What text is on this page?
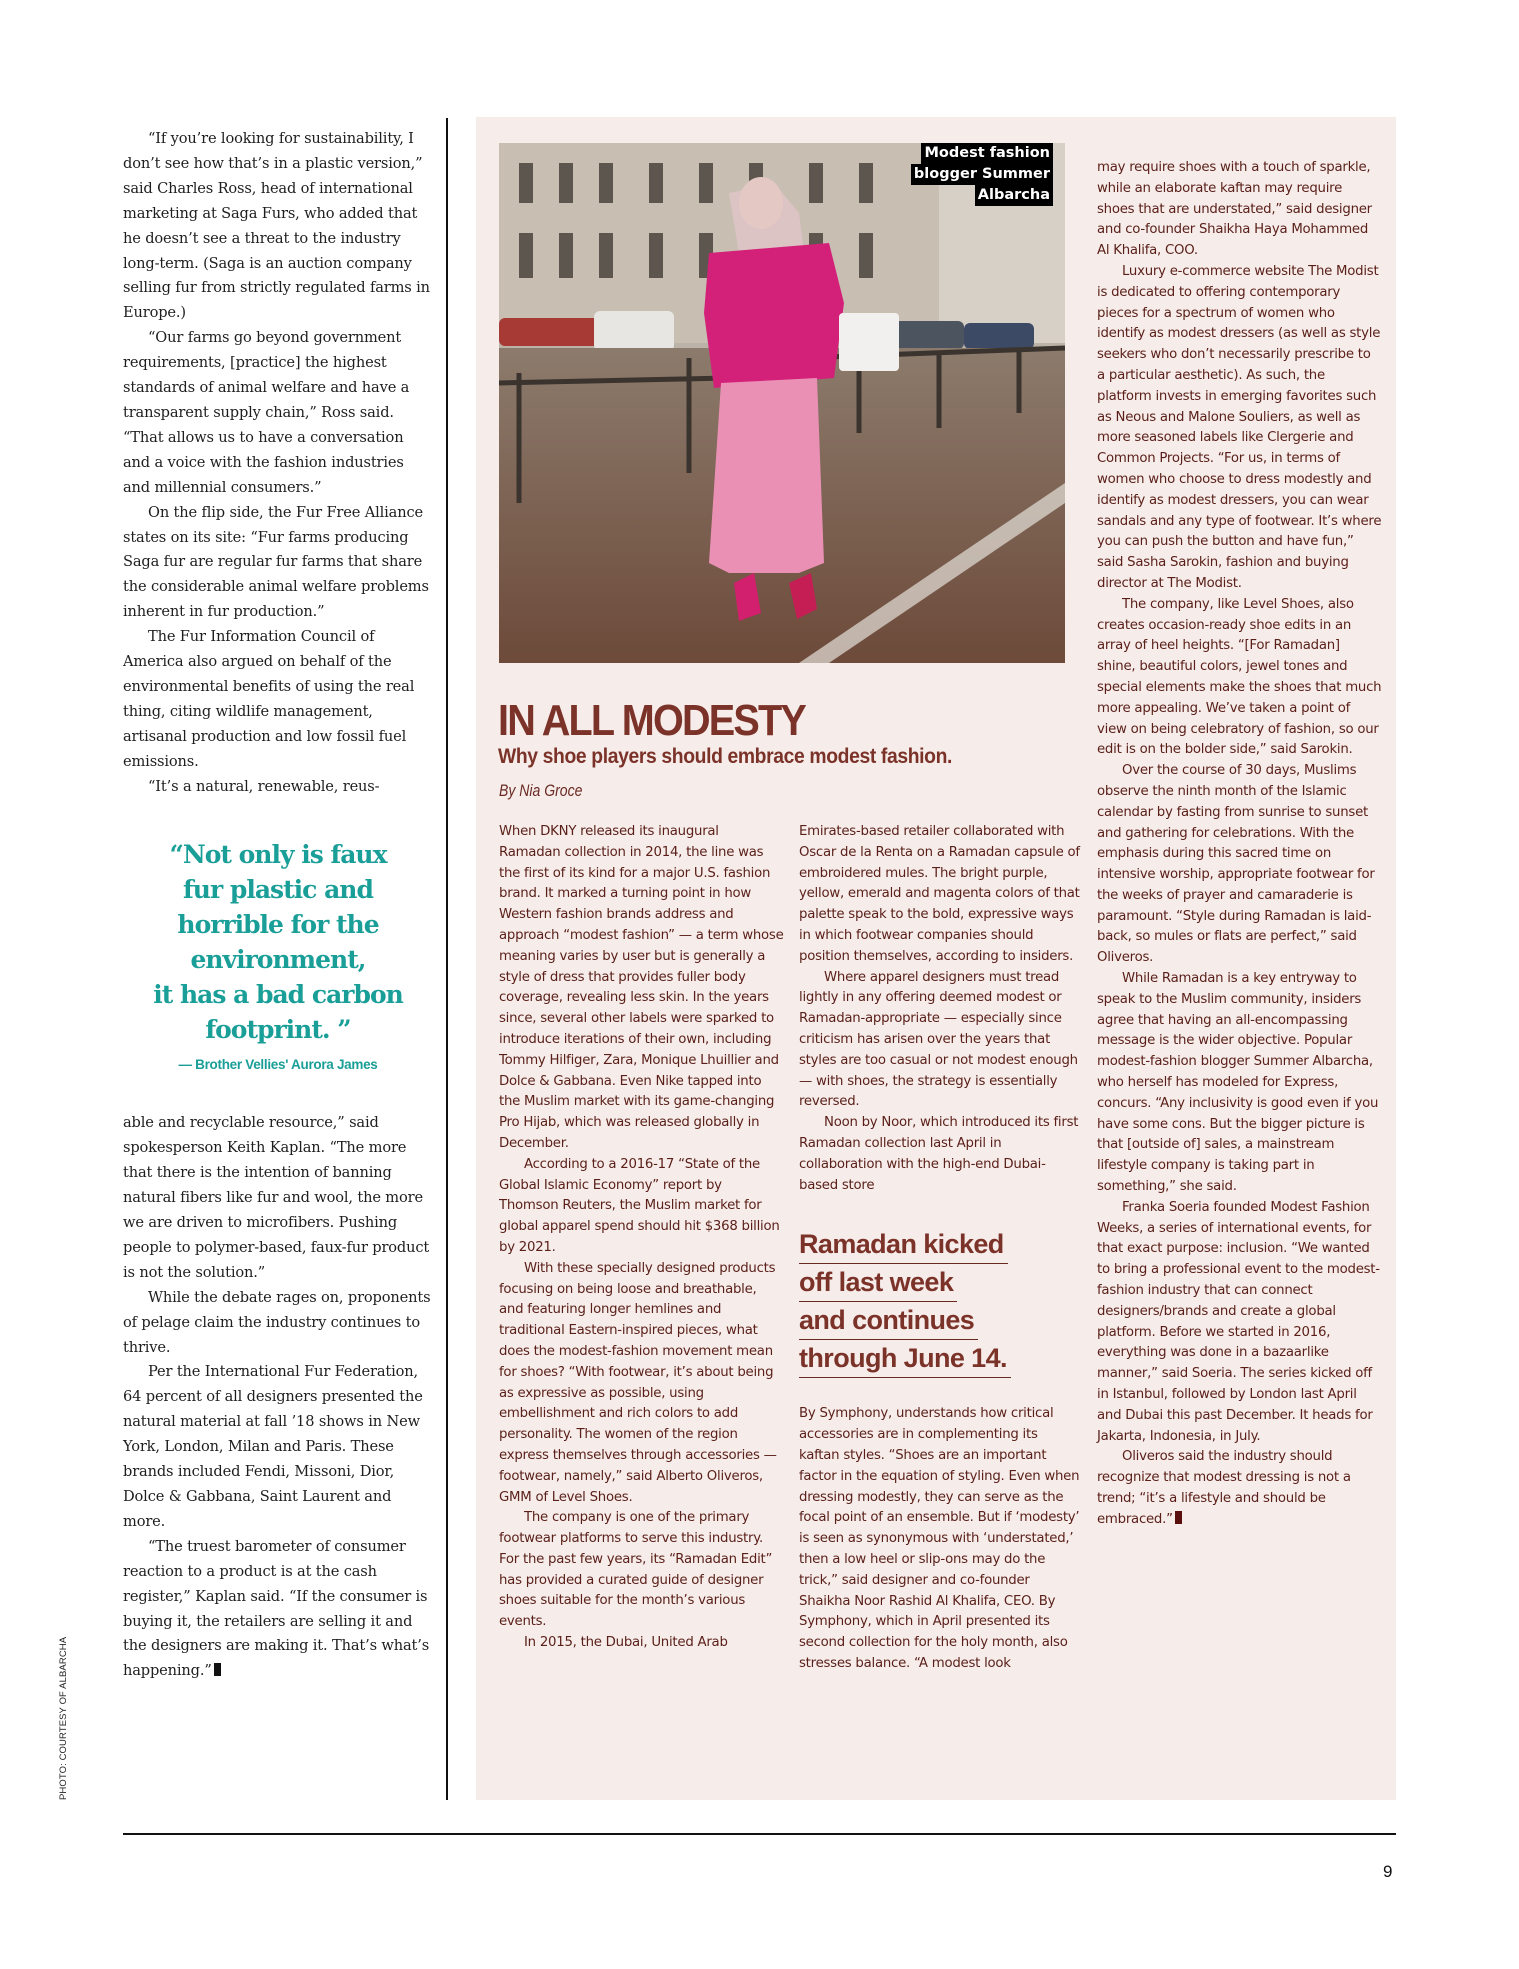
“If you’re looking for sustainability, I don’t see how that’s in a plastic version,” said Charles Ross, head of international marketing at Saga Furs, who added that he doesn’t see a threat to the industry long-term. (Saga is an auction company selling fur from strictly regulated farms in Europe.)

“Our farms go beyond government requirements, [practice] the highest standards of animal welfare and have a transparent supply chain,” Ross said. “That allows us to have a conversation and a voice with the fashion industries and millennial consumers.”

On the flip side, the Fur Free Alliance states on its site: “Fur farms producing Saga fur are regular fur farms that share the considerable animal welfare problems inherent in fur production.”

The Fur Information Council of America also argued on behalf of the environmental benefits of using the real thing, citing wildlife management, artisanal production and low fossil fuel emissions.

“It’s a natural, renewable, reus-

“Not only is faux
fur plastic and
horrible for the
environment,
it has a bad carbon
footprint. ”
— Brother Vellies' Aurora James

able and recyclable resource,” said spokesperson Keith Kaplan. “The more that there is the intention of banning natural fibers like fur and wool, the more we are driven to microfibers. Pushing people to polymer-based, faux-fur product is not the solution.”

While the debate rages on, proponents of pelage claim the industry continues to thrive.

Per the International Fur Federation, 64 percent of all designers presented the natural material at fall ’18 shows in New York, London, Milan and Paris. These brands included Fendi, Missoni, Dior, Dolce & Gabbana, Saint Laurent and more.

“The truest barometer of consumer reaction to a product is at the cash register,” Kaplan said. “If the consumer is buying it, the retailers are selling it and the designers are making it. That’s what’s happening.”

PHOTO: COURTESY OF ALBARCHA
Modest fashion
blogger Summer
Albarcha
IN ALL MODESTY
Why shoe players should embrace modest fashion.
By Nia Groce

When DKNY released its inaugural Ramadan collection in 2014, the line was the first of its kind for a major U.S. fashion brand. It marked a turning point in how Western fashion brands address and approach “modest fashion” — a term whose meaning varies by user but is generally a style of dress that provides fuller body coverage, revealing less skin. In the years since, several other labels were sparked to introduce iterations of their own, including Tommy Hilfiger, Zara, Monique Lhuillier and Dolce & Gabbana. Even Nike tapped into the Muslim market with its game-changing Pro Hijab, which was released globally in December.

According to a 2016-17 “State of the Global Islamic Economy” report by Thomson Reuters, the Muslim market for global apparel spend should hit $368 billion by 2021.

With these specially designed products focusing on being loose and breathable, and featuring longer hemlines and traditional Eastern-inspired pieces, what does the modest-fashion movement mean for shoes? “With footwear, it’s about being as expressive as possible, using embellishment and rich colors to add personality. The women of the region express themselves through accessories — footwear, namely,” said Alberto Oliveros, GMM of Level Shoes.

The company is one of the primary footwear platforms to serve this industry. For the past few years, its “Ramadan Edit” has provided a curated guide of designer shoes suitable for the month’s various events.

In 2015, the Dubai, United Arab

Emirates-based retailer collaborated with Oscar de la Renta on a Ramadan capsule of embroidered mules. The bright purple, yellow, emerald and magenta colors of that palette speak to the bold, expressive ways in which footwear companies should position themselves, according to insiders.

Where apparel designers must tread lightly in any offering deemed modest or Ramadan-appropriate — especially since criticism has arisen over the years that styles are too casual or not modest enough — with shoes, the strategy is essentially reversed.

Noon by Noor, which introduced its first Ramadan collection last April in collaboration with the high-end Dubai-based store

Ramadan kicked
off last week
and continues
through June 14.

By Symphony, understands how critical accessories are in complementing its kaftan styles. “Shoes are an important factor in the equation of styling. Even when dressing modestly, they can serve as the focal point of an ensemble. But if ‘modesty’ is seen as synonymous with ‘understated,’ then a low heel or slip-ons may do the trick,” said designer and co-founder Shaikha Noor Rashid Al Khalifa, CEO. By Symphony, which in April presented its second collection for the holy month, also stresses balance. “A modest look

may require shoes with a touch of sparkle, while an elaborate kaftan may require shoes that are understated,” said designer and co-founder Shaikha Haya Mohammed Al Khalifa, COO.

Luxury e-commerce website The Modist is dedicated to offering contemporary pieces for a spectrum of women who identify as modest dressers (as well as style seekers who don’t necessarily prescribe to a particular aesthetic). As such, the platform invests in emerging favorites such as Neous and Malone Souliers, as well as more seasoned labels like Clergerie and Common Projects. “For us, in terms of women who choose to dress modestly and identify as modest dressers, you can wear sandals and any type of footwear. It’s where you can push the button and have fun,” said Sasha Sarokin, fashion and buying director at The Modist.

The company, like Level Shoes, also creates occasion-ready shoe edits in an array of heel heights. “[For Ramadan] shine, beautiful colors, jewel tones and special elements make the shoes that much more appealing. We’ve taken a point of view on being celebratory of fashion, so our edit is on the bolder side,” said Sarokin.

Over the course of 30 days, Muslims observe the ninth month of the Islamic calendar by fasting from sunrise to sunset and gathering for celebrations. With the emphasis during this sacred time on intensive worship, appropriate footwear for the weeks of prayer and camaraderie is paramount. “Style during Ramadan is laid-back, so mules or flats are perfect,” said Oliveros.

While Ramadan is a key entryway to speak to the Muslim community, insiders agree that having an all-encompassing message is the wider objective. Popular modest-fashion blogger Summer Albarcha, who herself has modeled for Express, concurs. “Any inclusivity is good even if you have some cons. But the bigger picture is that [outside of] sales, a mainstream lifestyle company is taking part in something,” she said.

Franka Soeria founded Modest Fashion Weeks, a series of international events, for that exact purpose: inclusion. “We wanted to bring a professional event to the modest-fashion industry that can connect designers/brands and create a global platform. Before we started in 2016, everything was done in a bazaarlike manner,” said Soeria. The series kicked off in Istanbul, followed by London last April and Dubai this past December. It heads for Jakarta, Indonesia, in July.

Oliveros said the industry should recognize that modest dressing is not a trend; “it’s a lifestyle and should be embraced.”

9
